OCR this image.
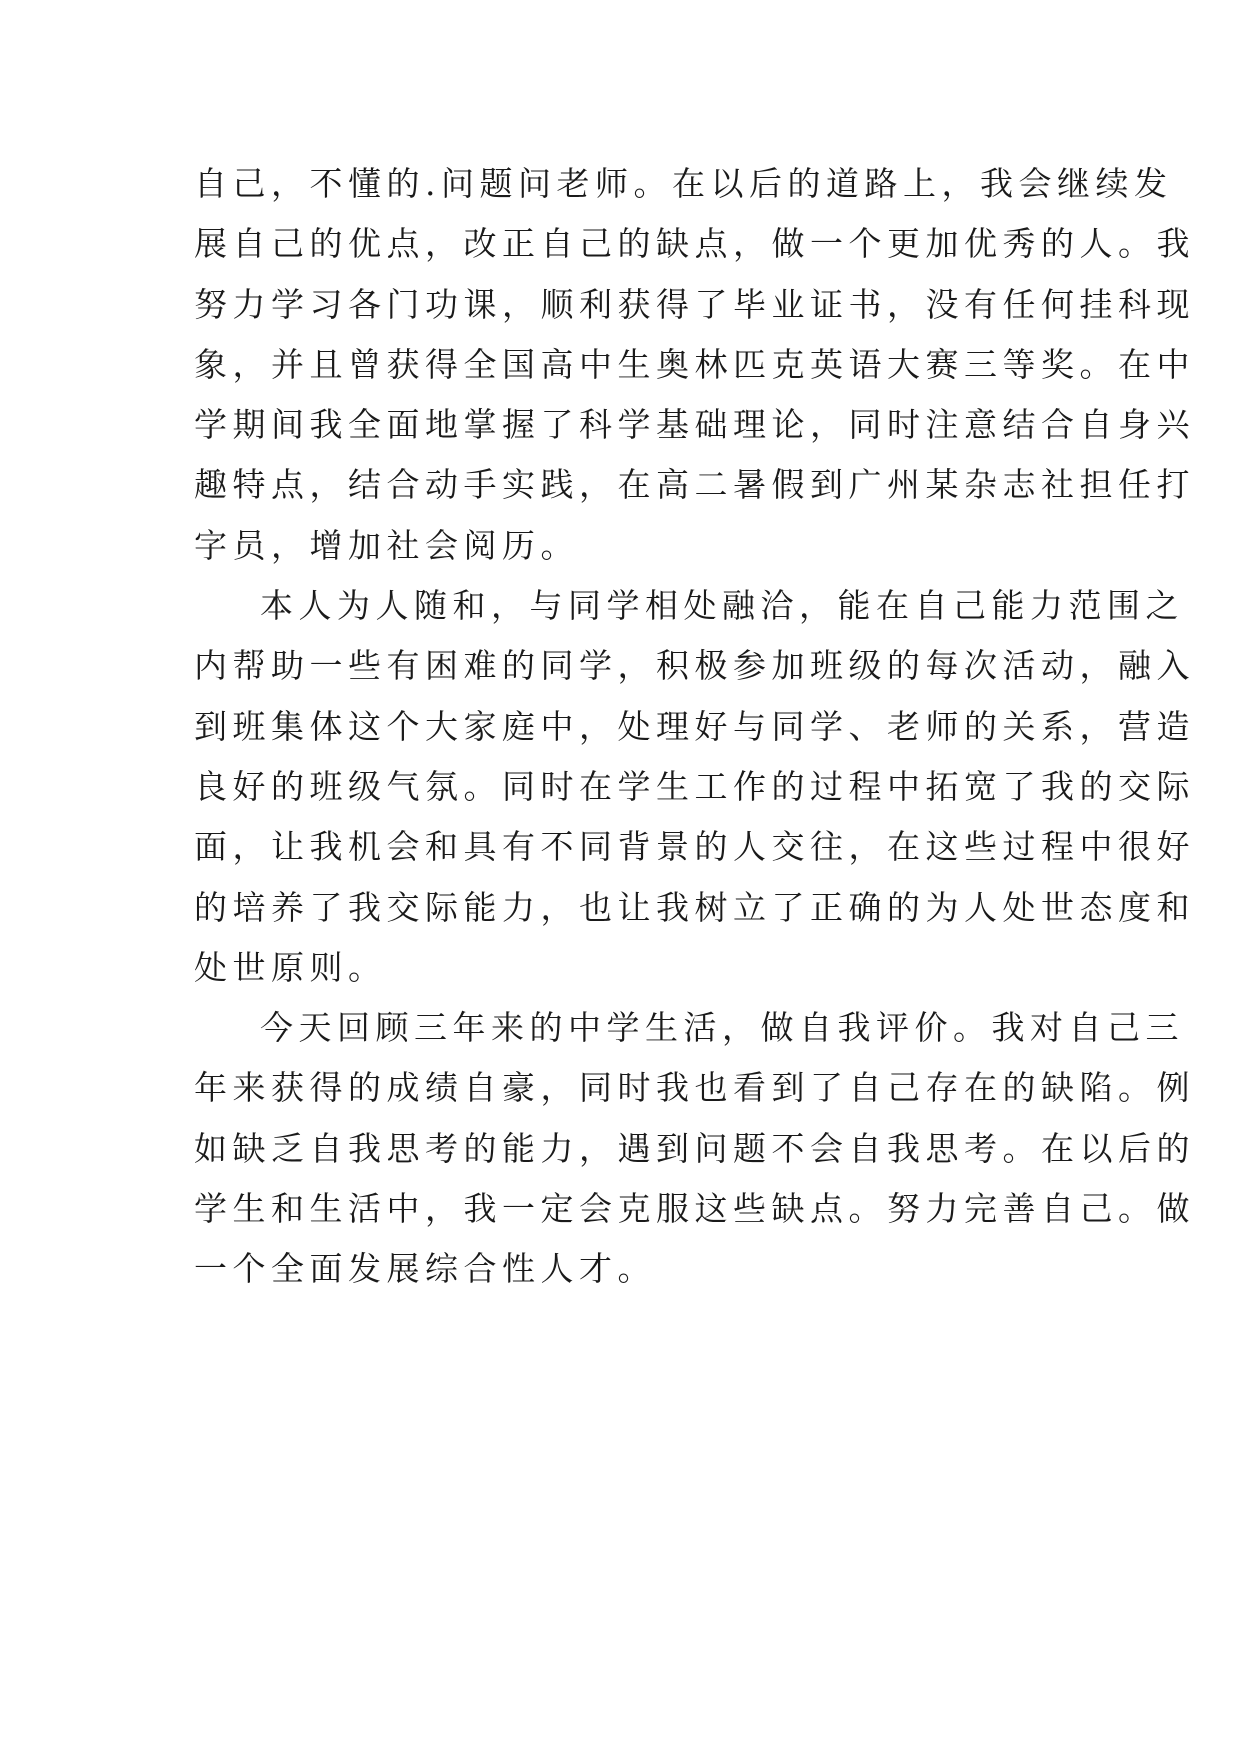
自己，不懂的.问题问老师。在以后的道路上，我会继续发
展自己的优点，改正自己的缺点，做一个更加优秀的人。我
努力学习各门功课，顺利获得了毕业证书，没有任何挂科现
象，并且曾获得全国高中生奥林匹克英语大赛三等奖。在中
学期间我全面地掌握了科学基础理论，同时注意结合自身兴
趣特点，结合动手实践，在高二暑假到广州某杂志社担任打
字员，增加社会阅历。
本人为人随和，与同学相处融洽，能在自己能力范围之
内帮助一些有困难的同学，积极参加班级的每次活动，融入
到班集体这个大家庭中，处理好与同学、老师的关系，营造
良好的班级气氛。同时在学生工作的过程中拓宽了我的交际
面，让我机会和具有不同背景的人交往，在这些过程中很好
的培养了我交际能力，也让我树立了正确的为人处世态度和
处世原则。
今天回顾三年来的中学生活，做自我评价。我对自己三
年来获得的成绩自豪，同时我也看到了自己存在的缺陷。例
如缺乏自我思考的能力，遇到问题不会自我思考。在以后的
学生和生活中，我一定会克服这些缺点。努力完善自己。做
一个全面发展综合性人才。
